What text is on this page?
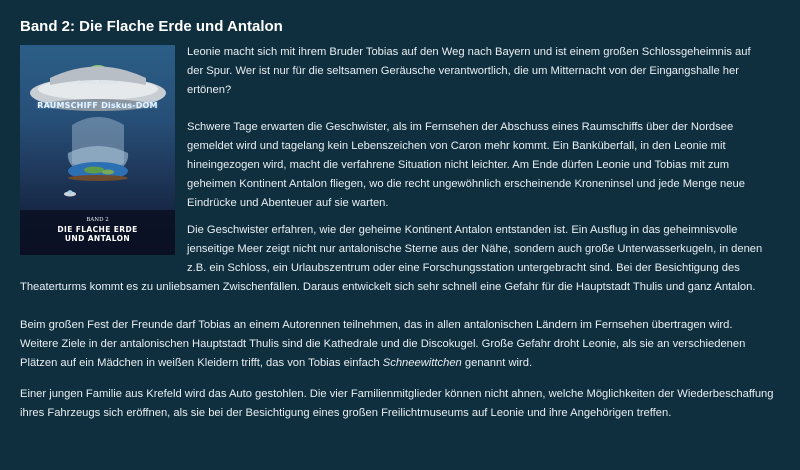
Band 2: Die Flache Erde und Antalon
Gerhard Brauner
RAUMSCHIFF Diskus-DOM
BAND 2
DIE FLACHE ERDE
UND ANTALON
Leonie macht sich mit ihrem Bruder Tobias auf den Weg nach Bayern und ist einem großen Schlossgeheimnis auf
der Spur. Wer ist nur für die seltsamen Geräusche verantwortlich, die um Mitternacht von der Eingangshalle her
ertönen?
Schwere Tage erwarten die Geschwister, als im Fernsehen der Abschuss eines Raumschiffs über der Nordsee
gemeldet wird und tagelang kein Lebenszeichen von Caron mehr kommt. Ein Banküberfall, in den Leonie mit
hineingezogen wird, macht die verfahrene Situation nicht leichter. Am Ende dürfen Leonie und Tobias mit zum
geheimen Kontinent Antalon fliegen, wo die recht ungewöhnlich erscheinende Kroneninsel und jede Menge neue
Eindrücke und Abenteuer auf sie warten.
Die Geschwister erfahren, wie der geheime Kontinent Antalon entstanden ist. Ein Ausflug in das geheimnisvolle
jenseitige Meer zeigt nicht nur antalonische Sterne aus der Nähe, sondern auch große Unterwasserkugeln, in denen
z.B. ein Schloss, ein Urlaubszentrum oder eine Forschungsstation untergebracht sind. Bei der Besichtigung des
Theaterturms kommt es zu unliebsamen Zwischenfällen. Daraus entwickelt sich sehr schnell eine Gefahr für die Hauptstadt Thulis und ganz Antalon.
Beim großen Fest der Freunde darf Tobias an einem Autorennen teilnehmen, das in allen antalonischen Ländern im Fernsehen übertragen wird.
Weitere Ziele in der antalonischen Hauptstadt Thulis sind die Kathedrale und die Discokugel. Große Gefahr droht Leonie, als sie an verschiedenen
Plätzen auf ein Mädchen in weißen Kleidern trifft, das von Tobias einfach Schneewittchen genannt wird.
Einer jungen Familie aus Krefeld wird das Auto gestohlen. Die vier Familienmitglieder können nicht ahnen, welche Möglichkeiten der Wiederbeschaffung
ihres Fahrzeugs sich eröffnen, als sie bei der Besichtigung eines großen Freilichtmuseums auf Leonie und ihre Angehörigen treffen.
